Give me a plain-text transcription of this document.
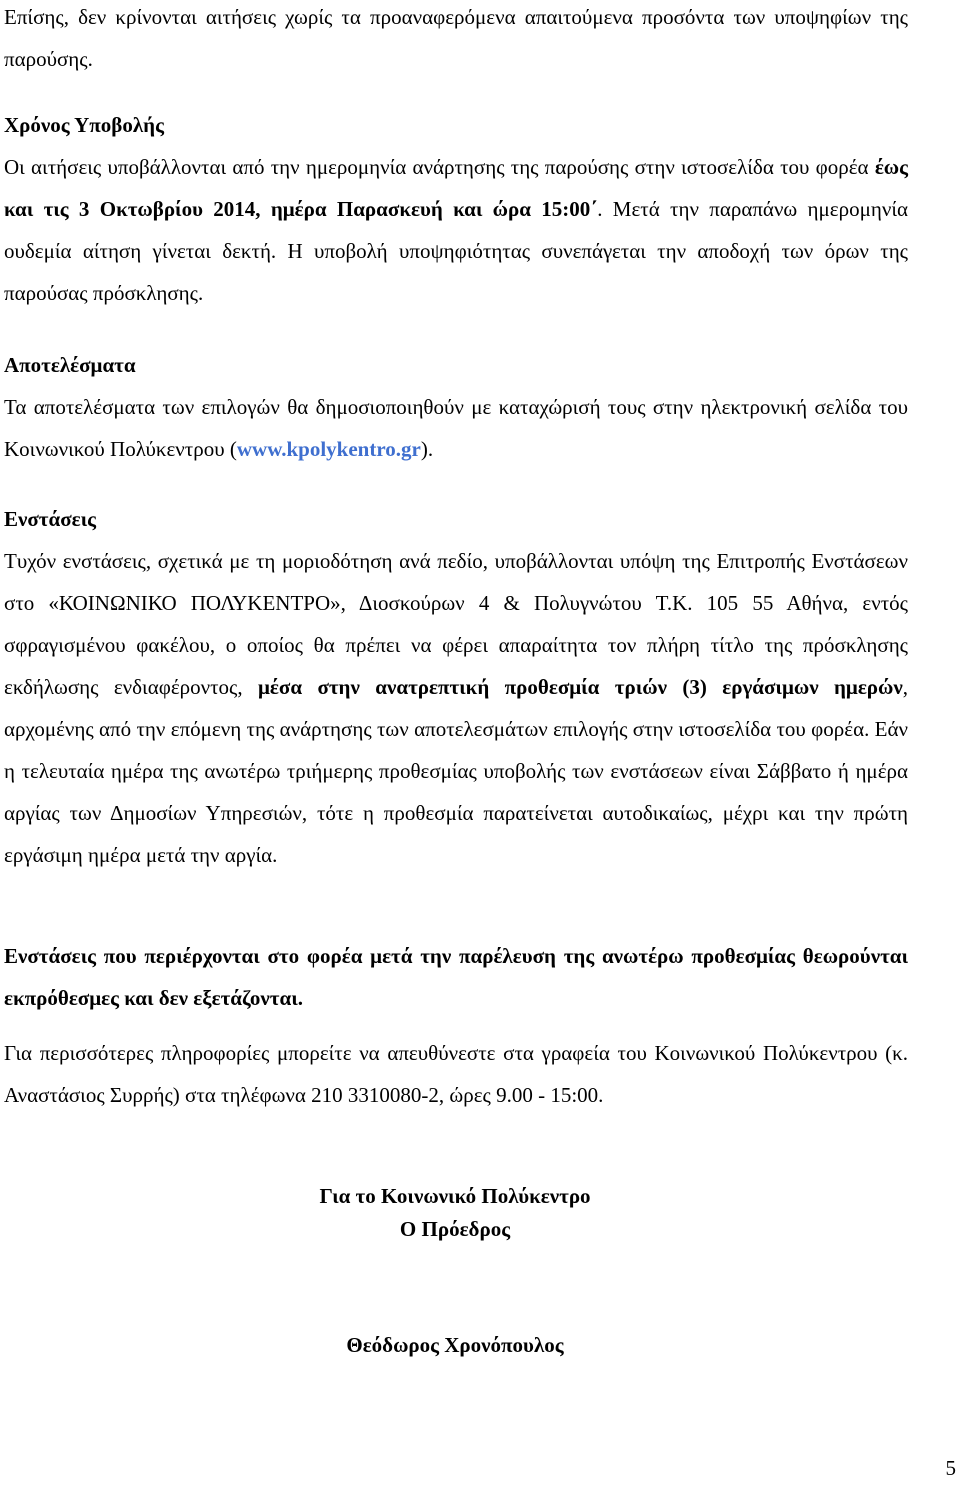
Επίσης, δεν κρίνονται αιτήσεις χωρίς τα προαναφερόμενα απαιτούμενα προσόντα των υποψηφίων της παρούσης.

Χρόνος Υποβολής

Οι αιτήσεις υποβάλλονται από την ημερομηνία ανάρτησης της παρούσης στην ιστοσελίδα του φορέα έως και τις 3 Οκτωβρίου 2014, ημέρα Παρασκευή και ώρα 15:00΄. Μετά την παραπάνω ημερομηνία ουδεμία αίτηση γίνεται δεκτή. Η υποβολή υποψηφιότητας συνεπάγεται την αποδοχή των όρων της παρούσας πρόσκλησης.

Αποτελέσματα

Τα αποτελέσματα των επιλογών θα δημοσιοποιηθούν με καταχώρισή τους στην ηλεκτρονική σελίδα του Κοινωνικού Πολύκεντρου (www.kpolykentro.gr).

Ενστάσεις

Τυχόν ενστάσεις, σχετικά με τη μοριοδότηση ανά πεδίο, υποβάλλονται υπόψη της Επιτροπής Ενστάσεων στο «ΚΟΙΝΩΝΙΚΟ ΠΟΛΥΚΕΝΤΡΟ», Διοσκούρων 4 & Πολυγνώτου Τ.Κ. 105 55 Αθήνα, εντός σφραγισμένου φακέλου, ο οποίος θα πρέπει να φέρει απαραίτητα τον πλήρη τίτλο της πρόσκλησης εκδήλωσης ενδιαφέροντος, μέσα στην ανατρεπτική προθεσμία τριών (3) εργάσιμων ημερών, αρχομένης από την επόμενη της ανάρτησης των αποτελεσμάτων επιλογής στην ιστοσελίδα του φορέα. Εάν η τελευταία ημέρα της ανωτέρω τριήμερης προθεσμίας υποβολής των ενστάσεων είναι Σάββατο ή ημέρα αργίας των Δημοσίων Υπηρεσιών, τότε η προθεσμία παρατείνεται αυτοδικαίως, μέχρι και την πρώτη εργάσιμη ημέρα μετά την αργία.

Ενστάσεις που περιέρχονται στο φορέα μετά την παρέλευση της ανωτέρω προθεσμίας θεωρούνται εκπρόθεσμες και δεν εξετάζονται.

Για περισσότερες πληροφορίες μπορείτε να απευθύνεστε στα γραφεία του Κοινωνικού Πολύκεντρου (κ. Αναστάσιος Συρρής) στα τηλέφωνα 210 3310080-2, ώρες 9.00 - 15:00.

Για το Κοινωνικό Πολύκεντρο
Ο Πρόεδρος
Θεόδωρος Χρονόπουλος
5
